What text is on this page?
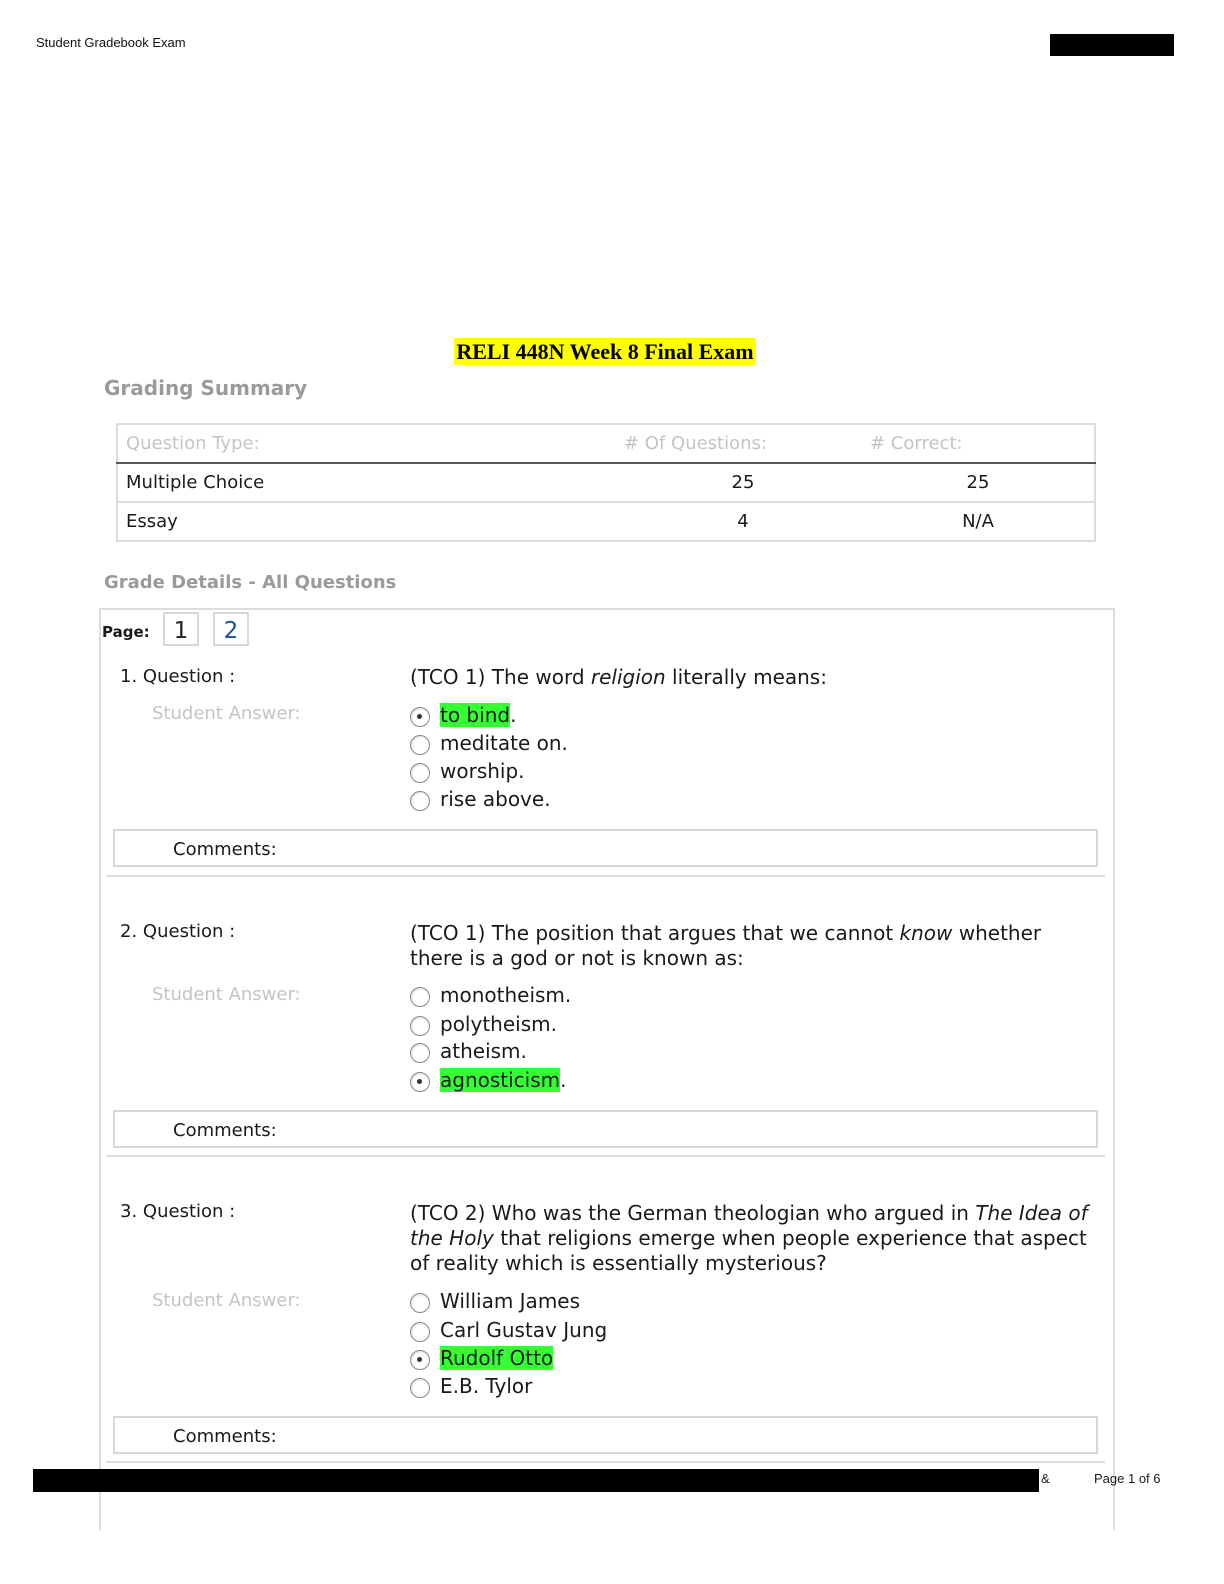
Student Gradebook Exam
RELI 448N Week 8 Final Exam
Grading Summary
Question Type:	# Of Questions:	# Correct:
Multiple Choice	25	25
Essay	4	N/A
Grade Details - All Questions
Page:	1	2
1. Question :	(TCO 1) The word religion literally means:
Student Answer:	to bind .
meditate on.
worship.
rise above.
Comments:
2. Question :	(TCO 1) The position that argues that we cannot know whether there is a god or not is known as:
Student Answer:	monotheism.
polytheism.
atheism.
agnosticism .
Comments:
3. Question :	(TCO 2) Who was the German theologian who argued in The Idea of the Holy that religions emerge when people experience that aspect of reality which is essentially mysterious?
Student Answer:	William James
Carl Gustav Jung
Rudolf Otto
E.B. Tylor
Comments:
&	Page 1 of 6
